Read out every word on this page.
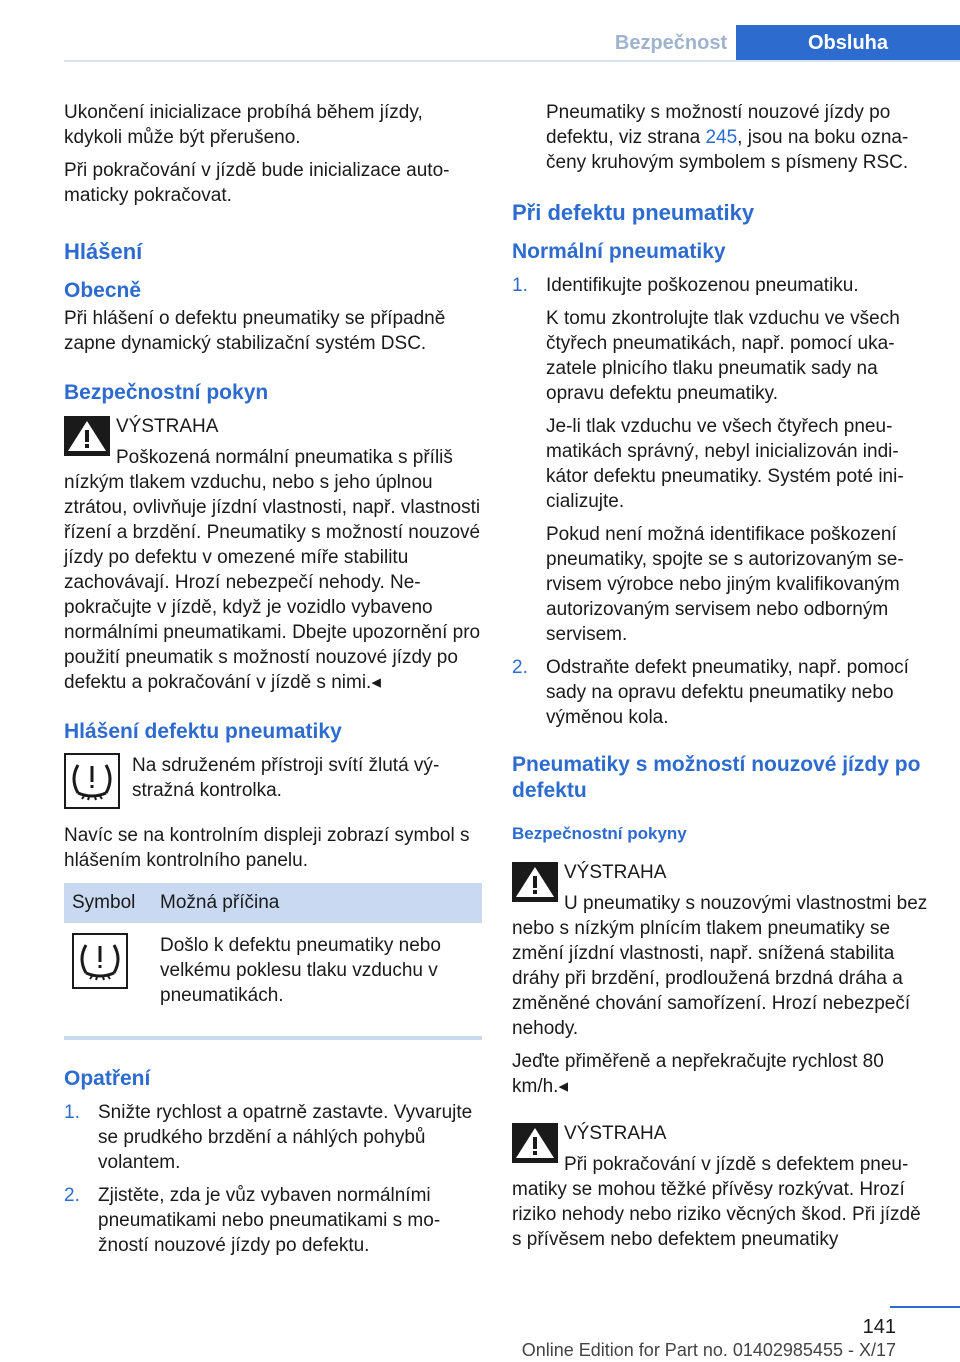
Bezpečnost	Obsluha

Ukončení inicializace probíhá během jízdy, kdykoli může být přerušeno.

Při pokračování v jízdě bude inicializace automaticky pokračovat.

Hlášení
Obecně

Při hlášení o defektu pneumatiky se případně zapne dynamický stabilizační systém DSC.

Bezpečnostní pokyn
VÝSTRAHA
Poškozená normální pneumatika s příliš nízkým tlakem vzduchu, nebo s jeho úplnou ztrátou, ovlivňuje jízdní vlastnosti, např. vlastnosti řízení a brzdění. Pneumatiky s možností nouzové jízdy po defektu v omezené míře stabilitu zachovávají. Hrozí nebezpečí nehody. Nepokračujte v jízdě, když je vozidlo vybaveno normálními pneumatikami. Dbejte upozornění pro použití pneumatik s možností nouzové jízdy po defektu a pokračování v jízdě s nimi.◂
Hlášení defektu pneumatiky

Na sdruženém přístroji svítí žlutá výstražná kontrolka.

Navíc se na kontrolním displeji zobrazí symbol s hlášením kontrolního panelu.

Symbol	Možná příčina
	Došlo k defektu pneumatiky nebo velkému poklesu tlaku vzduchu v pneumatikách.
Opatření
1. Snižte rychlost a opatrně zastavte. Vyvarujte se prudkého brzdění a náhlých pohybů volantem.

2. Zjistěte, zda je vůz vybaven normálními pneumatikami nebo pneumatikami s možností nouzové jízdy po defektu.

Pneumatiky s možností nouzové jízdy po defektu, viz strana 245, jsou na boku označeny kruhovým symbolem s písmeny RSC.

Při defektu pneumatiky
Normální pneumatiky
1. Identifikujte poškozenou pneumatiku.

K tomu zkontrolujte tlak vzduchu ve všech čtyřech pneumatikách, např. pomocí ukazatele plnicího tlaku pneumatik sady na opravu defektu pneumatiky.

Je-li tlak vzduchu ve všech čtyřech pneumatikách správný, nebyl inicializován indikátor defektu pneumatiky. Systém poté inicializujte.

Pokud není možná identifikace poškození pneumatiky, spojte se s autorizovaným servisem výrobce nebo jiným kvalifikovaným autorizovaným servisem nebo odborným servisem.

2. Odstraňte defekt pneumatiky, např. pomocí sady na opravu defektu pneumatiky nebo výměnou kola.

Pneumatiky s možností nouzové jízdy po defektu
Bezpečnostní pokyny
VÝSTRAHA
U pneumatiky s nouzovými vlastnostmi bez nebo s nízkým plnícím tlakem pneumatiky se změní jízdní vlastnosti, např. snížená stabilita dráhy při brzdění, prodloužená brzdná dráha a změněné chování samořízení. Hrozí nebezpečí nehody.

Jeďte přiměřeně a nepřekračujte rychlost 80 km/h.◂

VÝSTRAHA
Při pokračování v jízdě s defektem pneumatiky se mohou těžké přívěsy rozkývat. Hrozí riziko nehody nebo riziko věcných škod. Při jízdě s přívěsem nebo defektem pneumatiky
141
Online Edition for Part no. 01402985455 - X/17
